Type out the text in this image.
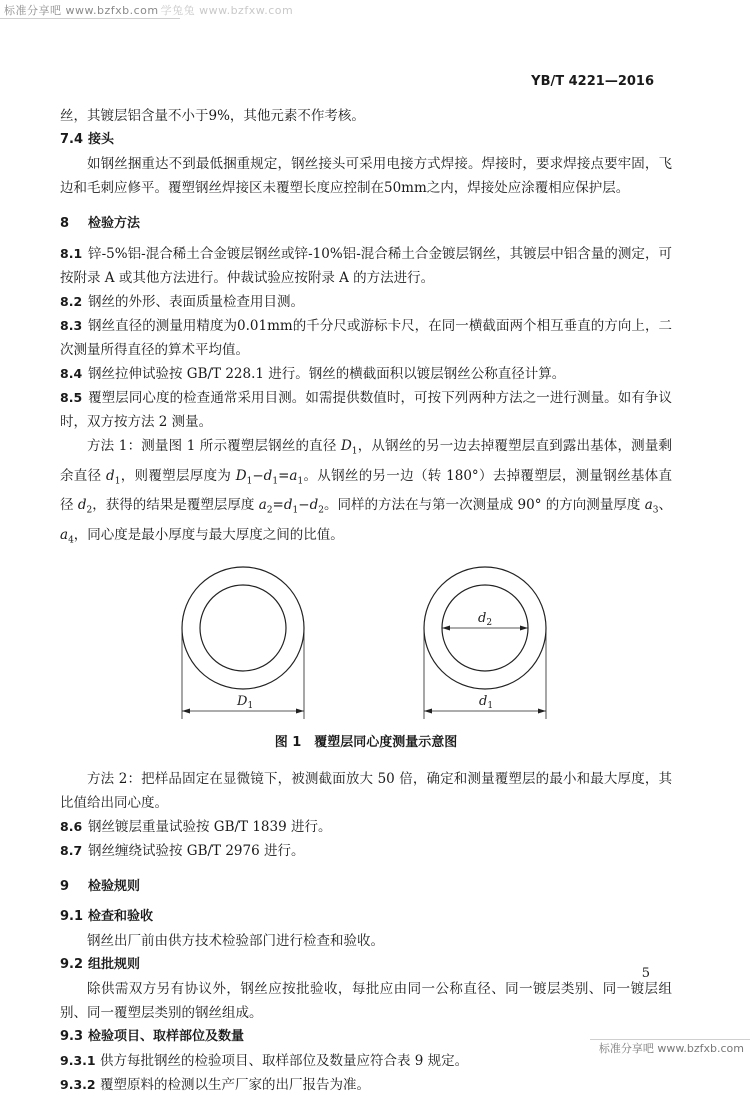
标准分享吧 www.bzfxb.com 学兔兔 www.bzfxw.com
YB/T 4221—2016

丝，其镀层铝含量不小于9%，其他元素不作考核。

7.4 接头

如钢丝捆重达不到最低捆重规定，钢丝接头可采用电接方式焊接。焊接时，要求焊接点要牢固，飞边和毛刺应修平。覆塑钢丝焊接区未覆塑长度应控制在50mm之内，焊接处应涂覆相应保护层。

8 检验方法

8.1 锌-5%铝-混合稀土合金镀层钢丝或锌-10%铝-混合稀土合金镀层钢丝，其镀层中铝含量的测定，可按附录 A 或其他方法进行。仲裁试验应按附录 A 的方法进行。

8.2 钢丝的外形、表面质量检查用目测。

8.3 钢丝直径的测量用精度为0.01mm的千分尺或游标卡尺，在同一横截面两个相互垂直的方向上，二次测量所得直径的算术平均值。

8.4 钢丝拉伸试验按 GB/T 228.1 进行。钢丝的横截面积以镀层钢丝公称直径计算。

8.5 覆塑层同心度的检查通常采用目测。如需提供数值时，可按下列两种方法之一进行测量。如有争议时，双方按方法 2 测量。

方法 1：测量图 1 所示覆塑层钢丝的直径 $D_1$，从钢丝的另一边去掉覆塑层直到露出基体，测量剩余直径 $d_1$，则覆塑层厚度为 $D_1-d_1=a_1$。从钢丝的另一边（转 180°）去掉覆塑层，测量钢丝基体直径 $d_2$，获得的结果是覆塑层厚度 $a_2=d_1-d_2$。同样的方法在与第一次测量成 90° 的方向测量厚度 $a_3$、$a_4$，同心度是最小厚度与最大厚度之间的比值。

$D_1$
$d_2$
$d_1$

图 1　覆塑层同心度测量示意图

方法 2：把样品固定在显微镜下，被测截面放大 50 倍，确定和测量覆塑层的最小和最大厚度，其比值给出同心度。

8.6 钢丝镀层重量试验按 GB/T 1839 进行。

8.7 钢丝缠绕试验按 GB/T 2976 进行。

9 检验规则

9.1 检查和验收

钢丝出厂前由供方技术检验部门进行检查和验收。

9.2 组批规则

除供需双方另有协议外，钢丝应按批验收，每批应由同一公称直径、同一镀层类别、同一镀层组别、同一覆塑层类别的钢丝组成。

9.3 检验项目、取样部位及数量

9.3.1 供方每批钢丝的检验项目、取样部位及数量应符合表 9 规定。

9.3.2 覆塑原料的检测以生产厂家的出厂报告为准。

5
标准分享吧 www.bzfxb.com
